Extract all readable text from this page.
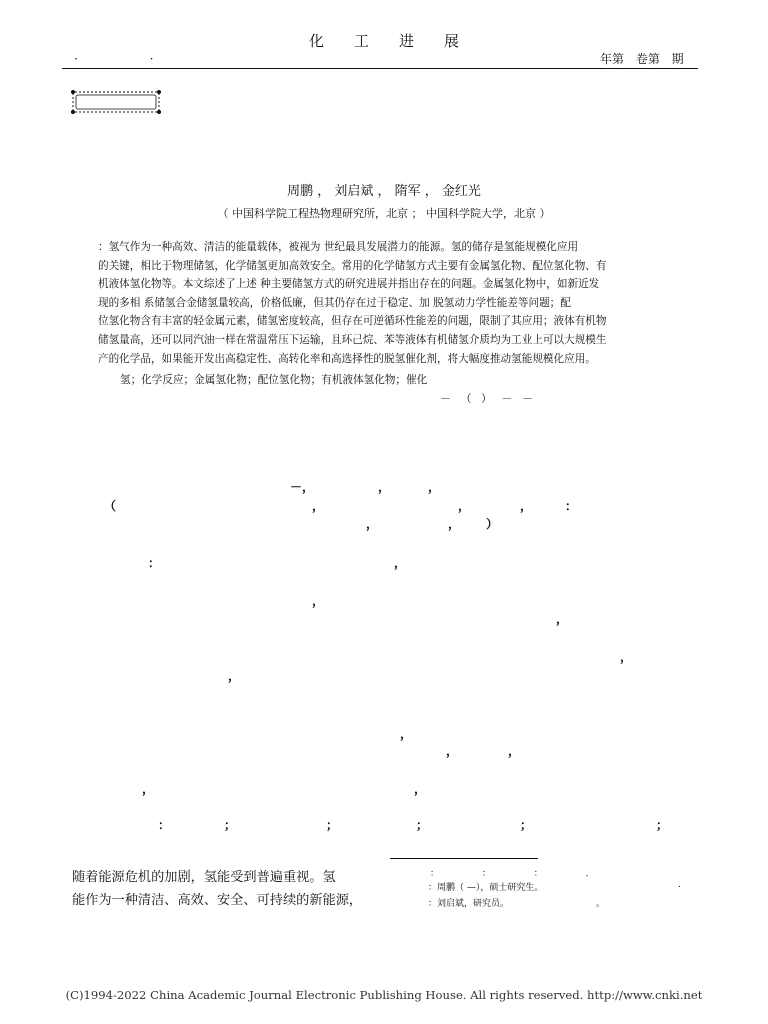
化工进展
· ·	年第 卷第 期
周鹏 ， 刘启斌 ， 隋军 ， 金红光
（ 中国科学院工程热物理研究所，北京 ； 中国科学院大学，北京 ）

：氢气作为一种高效、清洁的能量载体，被视为 世纪最具发展潜力的能源。氢的储存是氢能规模化应用

的关键，相比于物理储氢，化学储氢更加高效安全。常用的化学储氢方式主要有金属氢化物、配位氢化物、有

机液体氢化物等。本文综述了上述 种主要储氢方式的研究进展并指出存在的问题。金属氢化物中，如新近发

现的多相 系储氢合金储氢量较高，价格低廉，但其仍存在过于稳定、加 脱氢动力学性能差等问题；配

位氢化物含有丰富的轻金属元素，储氢密度较高，但存在可逆循环性能差的问题，限制了其应用；液体有机物

储氢量高，还可以同汽油一样在常温常压下运输，且环己烷、苯等液体有机储氢介质均为工业上可以大规模生

产的化学品，如果能开发出高稳定性、高转化率和高选择性的脱氢催化剂，将大幅度推动氢能规模化应用。

氢；化学反应；金属氢化物；配位氢化物；有机液体氢化物；催化
－ （ ） － －
－，	，	，
（	，	，	，	：
，	， ）
：	，
，
，
，
，
，
，	，
，	，
：	；	；	；	；	；
： ： ： ．
：周鹏（ —），硕士研究生。	.
：刘启斌，研究员。	。
随着能源危机的加剧，氢能受到普遍重视。氢
能作为一种清洁、高效、安全、可持续的新能源，
(C)1994-2022 China Academic Journal Electronic Publishing House. All rights reserved. http://www.cnki.net
